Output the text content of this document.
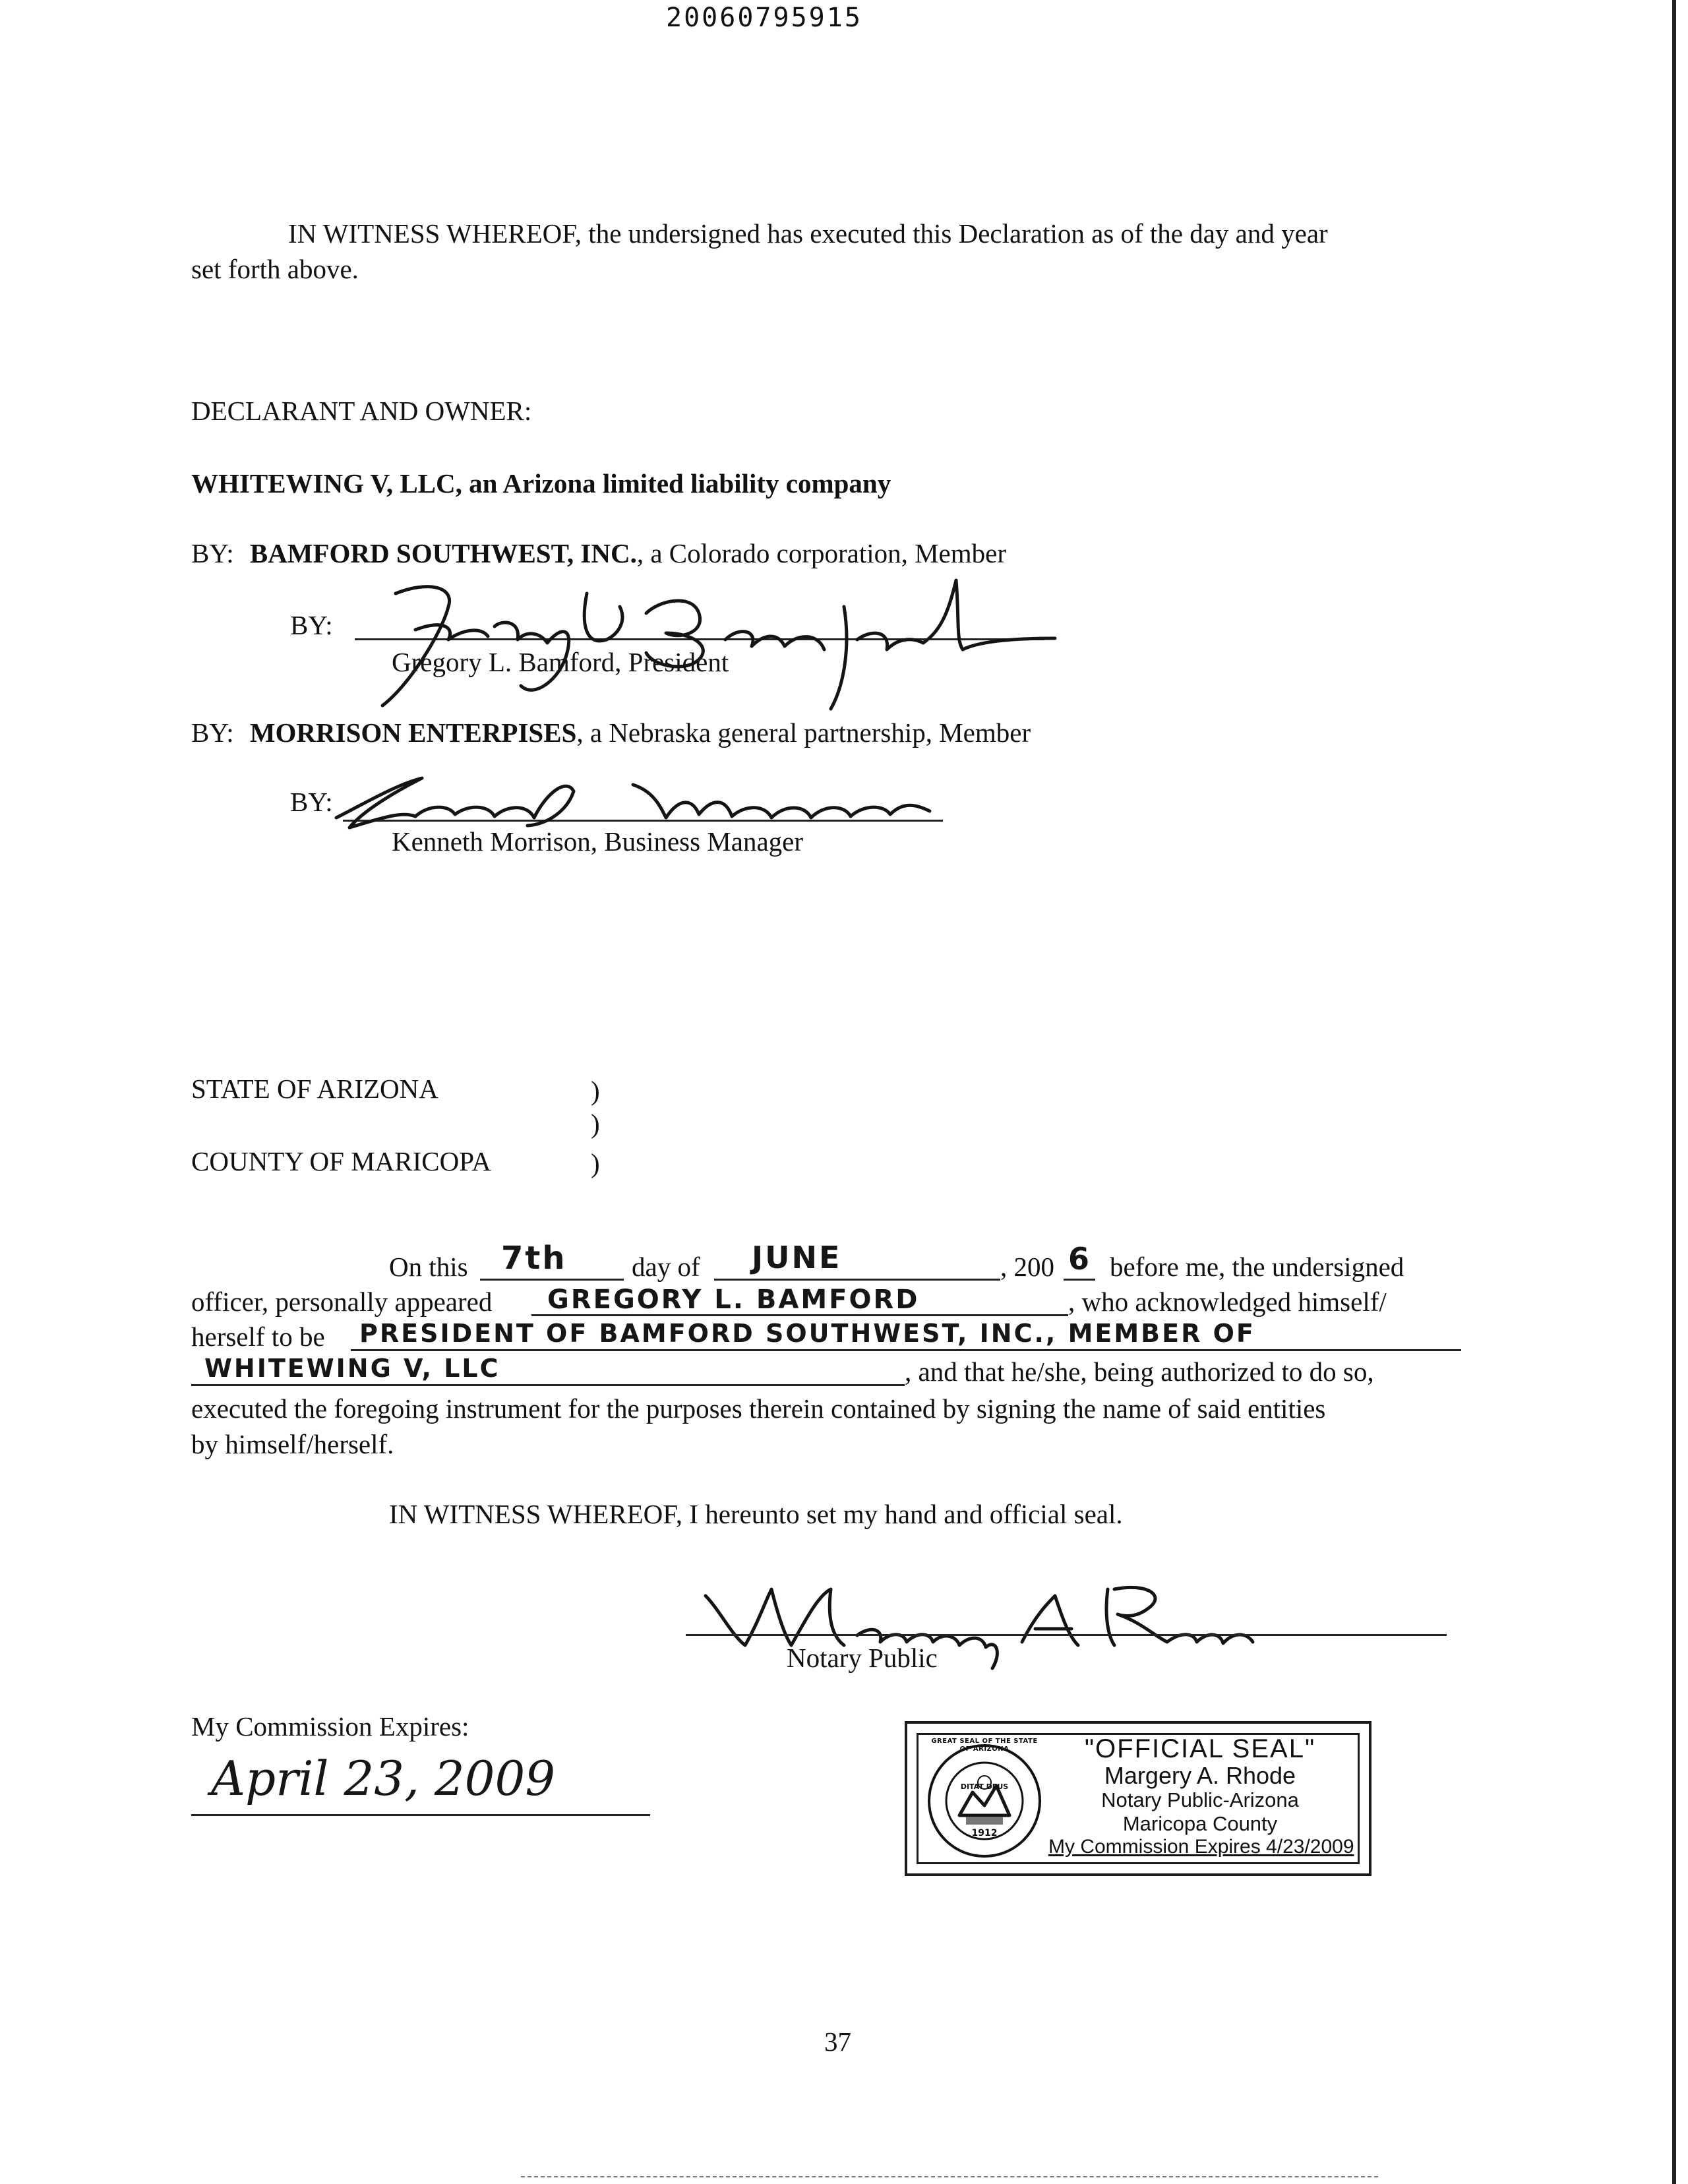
20060795915
IN WITNESS WHEREOF, the undersigned has executed this Declaration as of the day and year
set forth above.
DECLARANT AND OWNER:
WHITEWING V, LLC, an Arizona limited liability company
BY: BAMFORD SOUTHWEST, INC., a Colorado corporation, Member
BY:
Gregory L. Bamford, President
BY: MORRISON ENTERPISES, a Nebraska general partnership, Member
BY:
Kenneth Morrison, Business Manager
STATE OF ARIZONA	)
)
COUNTY OF MARICOPA	)
On this 7th day of JUNE	, 200 6 before me, the undersigned
officer, personally appeared GREGORY L. BAMFORD	, who acknowledged himself/
herself to be PRESIDENT OF BAMFORD SOUTHWEST, INC., MEMBER OF
WHITEWING V, LLC	, and that he/she, being authorized to do so,
executed the foregoing instrument for the purposes therein contained by signing the name of said entities
by himself/herself.
IN WITNESS WHEREOF, I hereunto set my hand and official seal.
Notary Public
My Commission Expires:
April 23, 2009
GREAT SEAL OF THE STATE OF ARIZONA
DITAT DEUS
1912
"OFFICIAL SEAL"
Margery A. Rhode
Notary Public-Arizona
Maricopa County
My Commission Expires 4/23/2009
37
